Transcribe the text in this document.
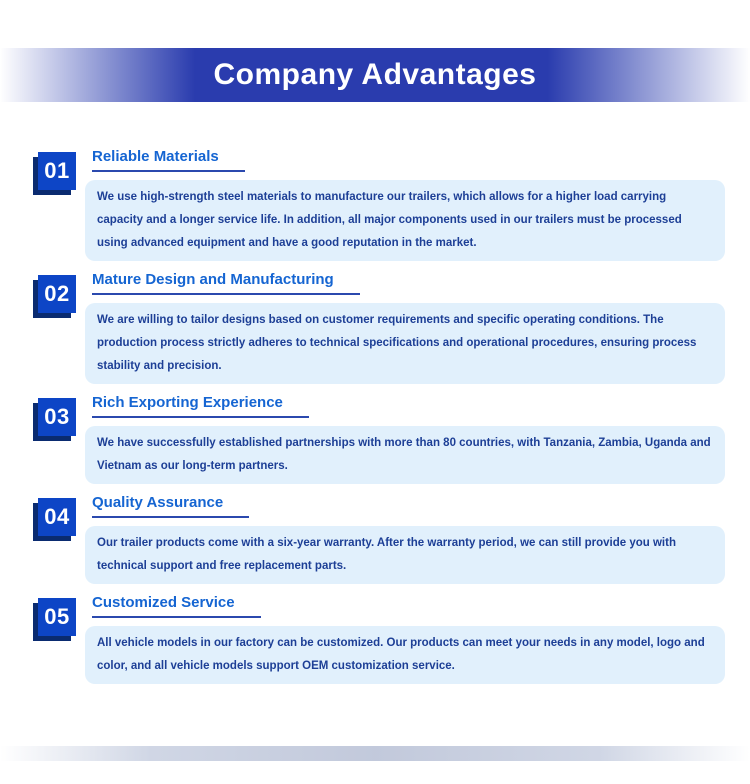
Company Advantages
01
Reliable Materials

We use high-strength steel materials to manufacture our trailers, which allows for a higher load carrying capacity and a longer service life. In addition, all major components used in our trailers must be processed using advanced equipment and have a good reputation in the market.

02
Mature Design and Manufacturing

We are willing to tailor designs based on customer requirements and specific operating conditions. The production process strictly adheres to technical specifications and operational procedures, ensuring process stability and precision.

03
Rich Exporting Experience

We have successfully established partnerships with more than 80 countries, with Tanzania, Zambia, Uganda and Vietnam as our long-term partners.

04
Quality Assurance

Our trailer products come with a six-year warranty. After the warranty period, we can still provide you with technical support and free replacement parts.

05
Customized Service

All vehicle models in our factory can be customized. Our products can meet your needs in any model, logo and color, and all vehicle models support OEM customization service.
